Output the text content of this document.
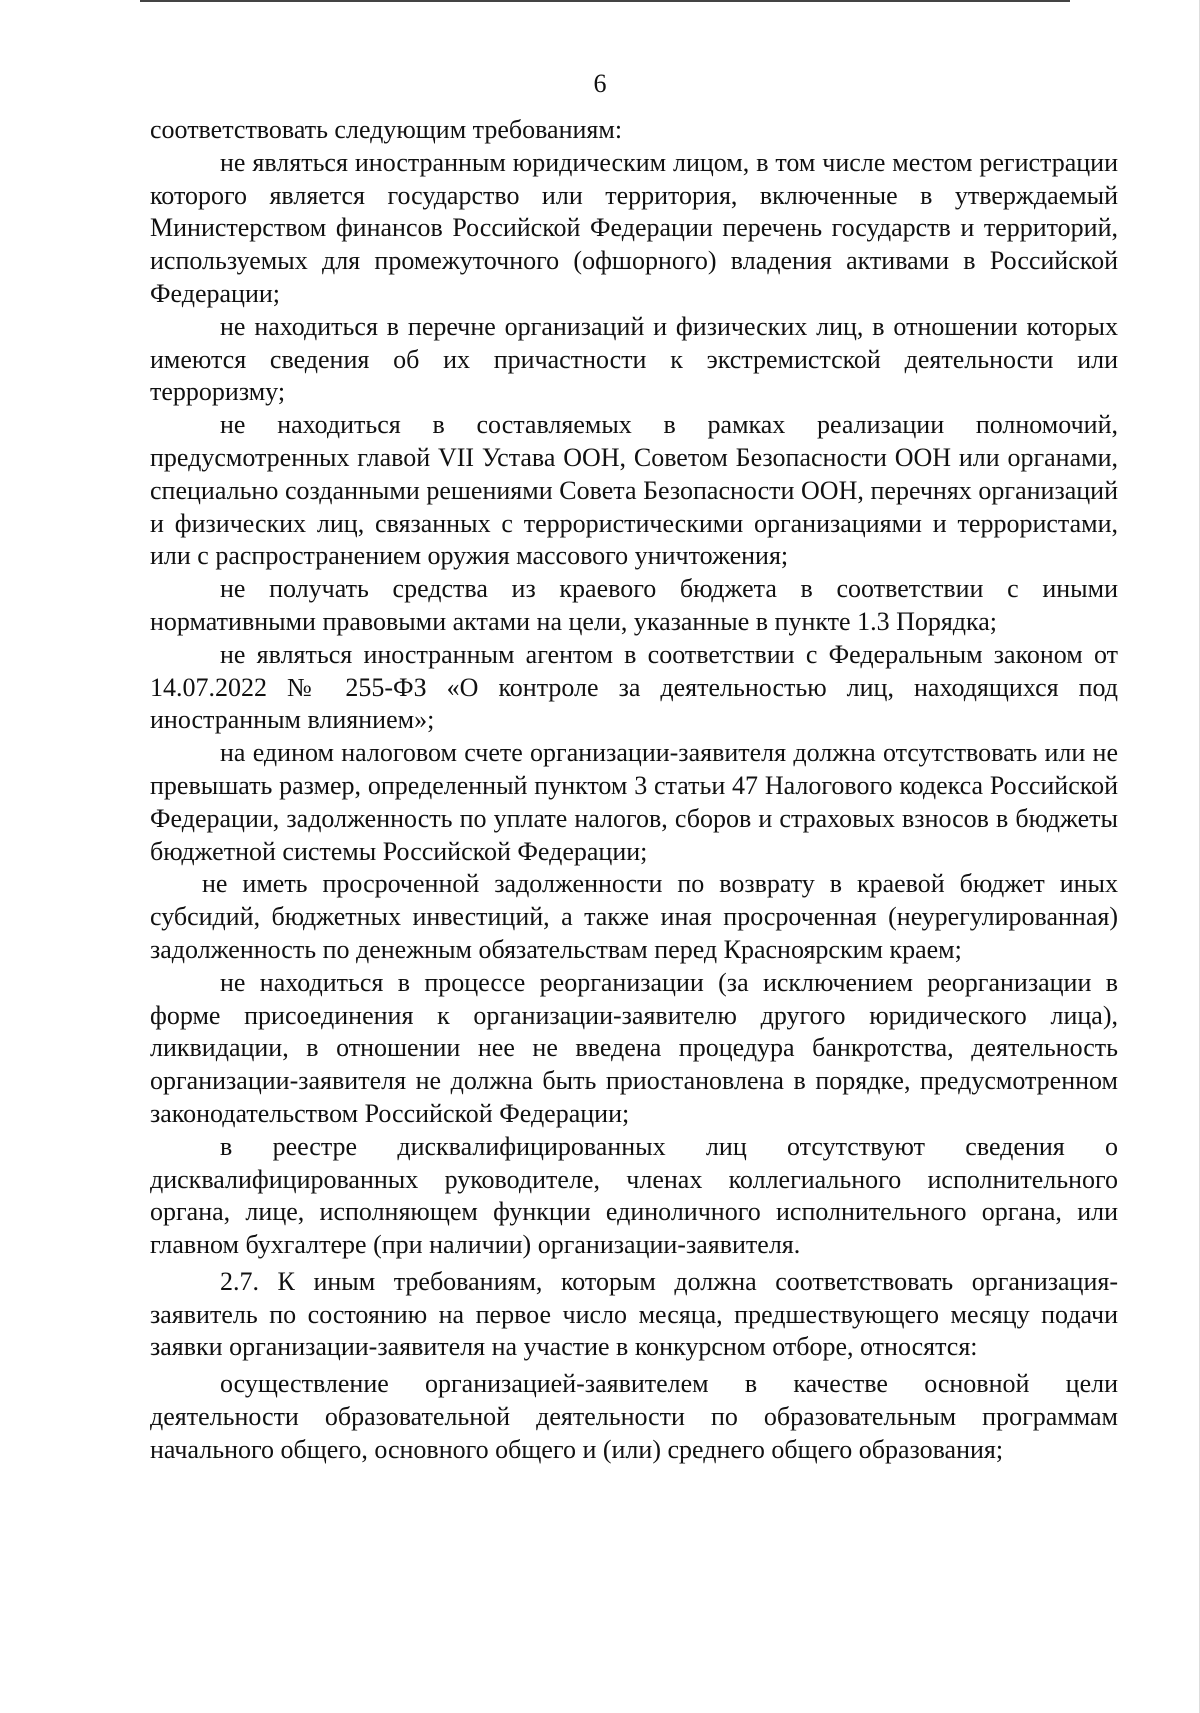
6

соответствовать следующим требованиям:

не являться иностранным юридическим лицом, в том числе местом регистрации которого является государство или территория, включенные в утверждаемый Министерством финансов Российской Федерации перечень государств и территорий, используемых для промежуточного (офшорного) владения активами в Российской Федерации;

не находиться в перечне организаций и физических лиц, в отношении которых имеются сведения об их причастности к экстремистской деятельности или терроризму;

не находиться в составляемых в рамках реализации полномочий, предусмотренных главой VII Устава ООН, Советом Безопасности ООН или органами, специально созданными решениями Совета Безопасности ООН, перечнях организаций и физических лиц, связанных с террористическими организациями и террористами, или с распространением оружия массового уничтожения;

не получать средства из краевого бюджета в соответствии с иными нормативными правовыми актами на цели, указанные в пункте 1.3 Порядка;

не являться иностранным агентом в соответствии с Федеральным законом от 14.07.2022 № 255-ФЗ «О контроле за деятельностью лиц, находящихся под иностранным влиянием»;

на едином налоговом счете организации-заявителя должна отсутствовать или не превышать размер, определенный пунктом 3 статьи 47 Налогового кодекса Российской Федерации, задолженность по уплате налогов, сборов и страховых взносов в бюджеты бюджетной системы Российской Федерации;

не иметь просроченной задолженности по возврату в краевой бюджет иных субсидий, бюджетных инвестиций, а также иная просроченная (неурегулированная) задолженность по денежным обязательствам перед Красноярским краем;

не находиться в процессе реорганизации (за исключением реорганизации в форме присоединения к организации-заявителю другого юридического лица), ликвидации, в отношении нее не введена процедура банкротства, деятельность организации-заявителя не должна быть приостановлена в порядке, предусмотренном законодательством Российской Федерации;

в реестре дисквалифицированных лиц отсутствуют сведения о дисквалифицированных руководителе, членах коллегиального исполнительного органа, лице, исполняющем функции единоличного исполнительного органа, или главном бухгалтере (при наличии) организации-заявителя.

2.7. К иным требованиям, которым должна соответствовать организация-заявитель по состоянию на первое число месяца, предшествующего месяцу подачи заявки организации-заявителя на участие в конкурсном отборе, относятся:

осуществление организацией-заявителем в качестве основной цели деятельности образовательной деятельности по образовательным программам начального общего, основного общего и (или) среднего общего образования;
